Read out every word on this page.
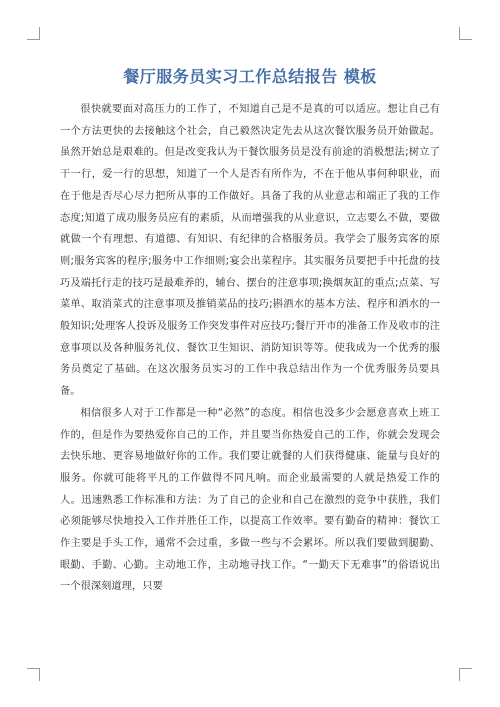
餐厅服务员实习工作总结报告 模板

很快就要面对高压力的工作了，不知道自己是不是真的可以适应。想让自己有一个方法更快的去接触这个社会，自己毅然决定先去从这次餐饮服务员开始做起。虽然开始总是艰难的。但是改变我认为干餐饮服务员是没有前途的消极想法;树立了干一行，爱一行的思想，知道了一个人是否有所作为，不在于他从事何种职业，而在于他是否尽心尽力把所从事的工作做好。具备了我的从业意志和端正了我的工作态度;知道了成功服务员应有的素质，从而增强我的从业意识，立志要么不做，要做就做一个有理想、有道德、有知识、有纪律的合格服务员。我学会了服务宾客的原则;服务宾客的程序;服务中工作细则;宴会出菜程序。其实服务员要把手中托盘的技巧及端托行走的技巧是最难养的，辅台、摆台的注意事项;换烟灰缸的重点;点菜、写菜单、取消菜式的注意事项及推销菜品的技巧;斟酒水的基本方法、程序和酒水的一般知识;处理客人投诉及服务工作突发事件对应技巧;餐厅开市的准备工作及收市的注意事项以及各种服务礼仪、餐饮卫生知识、消防知识等等。使我成为一个优秀的服务员奠定了基础。在这次服务员实习的工作中我总结出作为一个优秀服务员要具备。

相信很多人对于工作都是一种“必然”的态度。相信也没多少会愿意喜欢上班工作的，但是作为要热爱你自己的工作，并且要当你热爱自己的工作，你就会发现会去快乐地、更容易地做好你的工作。我们要让就餐的人们获得健康、能量与良好的服务。你就可能将平凡的工作做得不同凡响。而企业最需要的人就是热爱工作的人。迅速熟悉工作标准和方法：为了自己的企业和自己在激烈的竞争中获胜，我们必须能够尽快地投入工作并胜任工作，以提高工作效率。要有勤奋的精神：餐饮工作主要是手头工作，通常不会过重，多做一些与不会累坏。所以我们要做到腿勤、眼勤、手勤、心勤。主动地工作，主动地寻找工作。“一勤天下无难事”的俗语说出一个很深刻道理，只要
